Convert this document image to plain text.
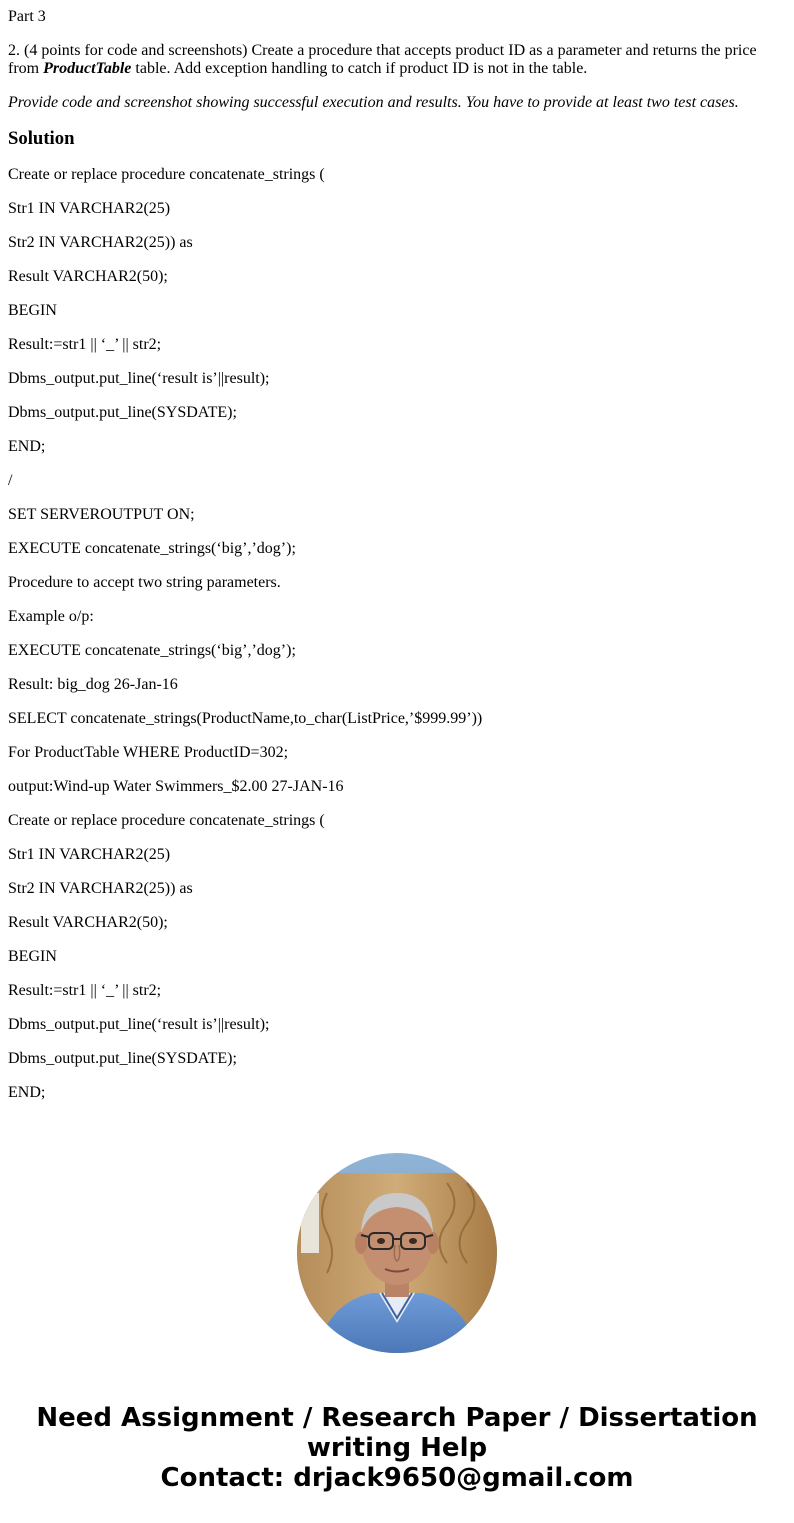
Part 3

2. (4 points for code and screenshots) Create a procedure that accepts product ID as a parameter and returns the price from ProductTable table. Add exception handling to catch if product ID is not in the table.

Provide code and screenshot showing successful execution and results. You have to provide at least two test cases.

Solution

Create or replace procedure concatenate_strings (

Str1 IN VARCHAR2(25)

Str2 IN VARCHAR2(25)) as

Result VARCHAR2(50);

BEGIN

Result:=str1 || ‘_’ || str2;

Dbms_output.put_line(‘result is’||result);

Dbms_output.put_line(SYSDATE);

END;

/

SET SERVEROUTPUT ON;

EXECUTE concatenate_strings(‘big’,’dog’);

Procedure to accept two string parameters.

Example o/p:

EXECUTE concatenate_strings(‘big’,’dog’);

Result: big_dog 26-Jan-16

SELECT concatenate_strings(ProductName,to_char(ListPrice,’$999.99’))

For ProductTable WHERE ProductID=302;

output:Wind-up Water Swimmers_$2.00 27-JAN-16

Create or replace procedure concatenate_strings (

Str1 IN VARCHAR2(25)

Str2 IN VARCHAR2(25)) as

Result VARCHAR2(50);

BEGIN

Result:=str1 || ‘_’ || str2;

Dbms_output.put_line(‘result is’||result);

Dbms_output.put_line(SYSDATE);

END;

Need Assignment / Research Paper / Dissertation
writing Help
Contact: drjack9650@gmail.com
